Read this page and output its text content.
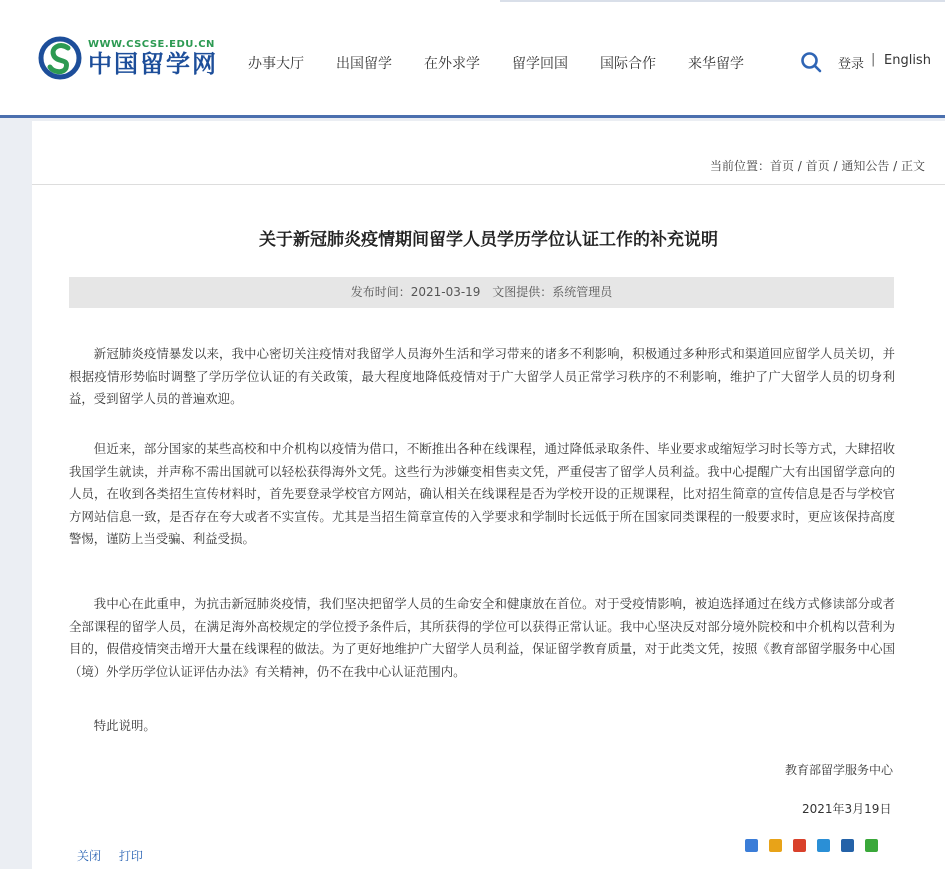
WWW.CSCSE.EDU.CN
中国留学网 办事大厅 出国留学 在外求学 留学回国 国际合作 来华留学	登录 | English
当前位置：首页 / 首页 / 通知公告 / 正文
关于新冠肺炎疫情期间留学人员学历学位认证工作的补充说明
发布时间：2021-03-19 文图提供：系统管理员

新冠肺炎疫情暴发以来，我中心密切关注疫情对我留学人员海外生活和学习带来的诸多不利影响，积极通过多种形式和渠道回应留学人员关切，并根据疫情形势临时调整了学历学位认证的有关政策，最大程度地降低疫情对于广大留学人员正常学习秩序的不利影响，维护了广大留学人员的切身利益，受到留学人员的普遍欢迎。

但近来，部分国家的某些高校和中介机构以疫情为借口，不断推出各种在线课程，通过降低录取条件、毕业要求或缩短学习时长等方式，大肆招收我国学生就读，并声称不需出国就可以轻松获得海外文凭。这些行为涉嫌变相售卖文凭，严重侵害了留学人员利益。我中心提醒广大有出国留学意向的人员，在收到各类招生宣传材料时，首先要登录学校官方网站，确认相关在线课程是否为学校开设的正规课程，比对招生简章的宣传信息是否与学校官方网站信息一致，是否存在夸大或者不实宣传。尤其是当招生简章宣传的入学要求和学制时长远低于所在国家同类课程的一般要求时，更应该保持高度警惕，谨防上当受骗、利益受损。

我中心在此重申，为抗击新冠肺炎疫情，我们坚决把留学人员的生命安全和健康放在首位。对于受疫情影响，被迫选择通过在线方式修读部分或者全部课程的留学人员，在满足海外高校规定的学位授予条件后，其所获得的学位可以获得正常认证。我中心坚决反对部分境外院校和中介机构以营利为目的，假借疫情突击增开大量在线课程的做法。为了更好地维护广大留学人员利益，保证留学教育质量，对于此类文凭，按照《教育部留学服务中心国（境）外学历学位认证评估办法》有关精神，仍不在我中心认证范围内。

特此说明。

教育部留学服务中心
2021年3月19日
关闭 打印
